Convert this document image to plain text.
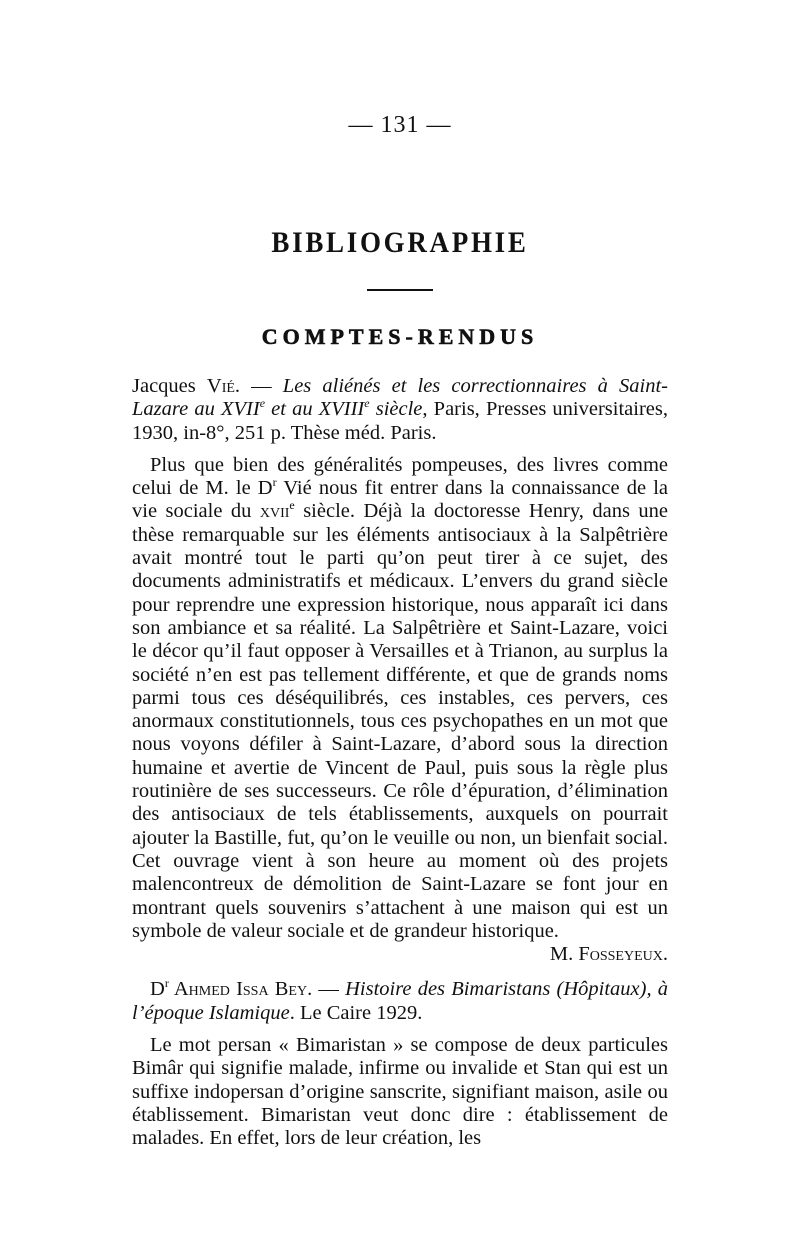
— 131 —
BIBLIOGRAPHIE
COMPTES-RENDUS

Jacques Vié. — Les aliénés et les correctionnaires à Saint-Lazare au XVIIe et au XVIIIe siècle, Paris, Presses universitaires, 1930, in-8°, 251 p. Thèse méd. Paris.

Plus que bien des généralités pompeuses, des livres comme celui de M. le $D^r$ Vié nous fit entrer dans la connaissance de la vie sociale du xvii$^e$ siècle. Déjà la doctoresse Henry, dans une thèse remarquable sur les éléments antisociaux à la Salpêtrière avait montré tout le parti qu’on peut tirer à ce sujet, des documents administratifs et médicaux. L’envers du grand siècle pour reprendre une expression historique, nous apparaît ici dans son ambiance et sa réalité. La Salpêtrière et Saint-Lazare, voici le décor qu’il faut opposer à Versailles et à Trianon, au surplus la société n’en est pas tellement différente, et que de grands noms parmi tous ces déséquilibrés, ces instables, ces pervers, ces anormaux constitutionnels, tous ces psychopathes en un mot que nous voyons défiler à Saint-Lazare, d’abord sous la direction humaine et avertie de Vincent de Paul, puis sous la règle plus routinière de ses successeurs. Ce rôle d’épuration, d’élimination des antisociaux de tels établissements, auxquels on pourrait ajouter la Bastille, fut, qu’on le veuille ou non, un bienfait social. Cet ouvrage vient à son heure au moment où des projets malencontreux de démolition de Saint-Lazare se font jour en montrant quels souvenirs s’attachent à une maison qui est un symbole de valeur sociale et de grandeur historique.
M. Fosseyeux.

$D^r$ Ahmed Issa Bey. — Histoire des Bimaristans (Hôpitaux), à l’époque Islamique. Le Caire 1929.

Le mot persan « Bimaristan » se compose de deux particules Bimâr qui signifie malade, infirme ou invalide et Stan qui est un suffixe indopersan d’origine sanscrite, signifiant maison, asile ou établissement. Bimaristan veut donc dire : établissement de malades. En effet, lors de leur création, les
